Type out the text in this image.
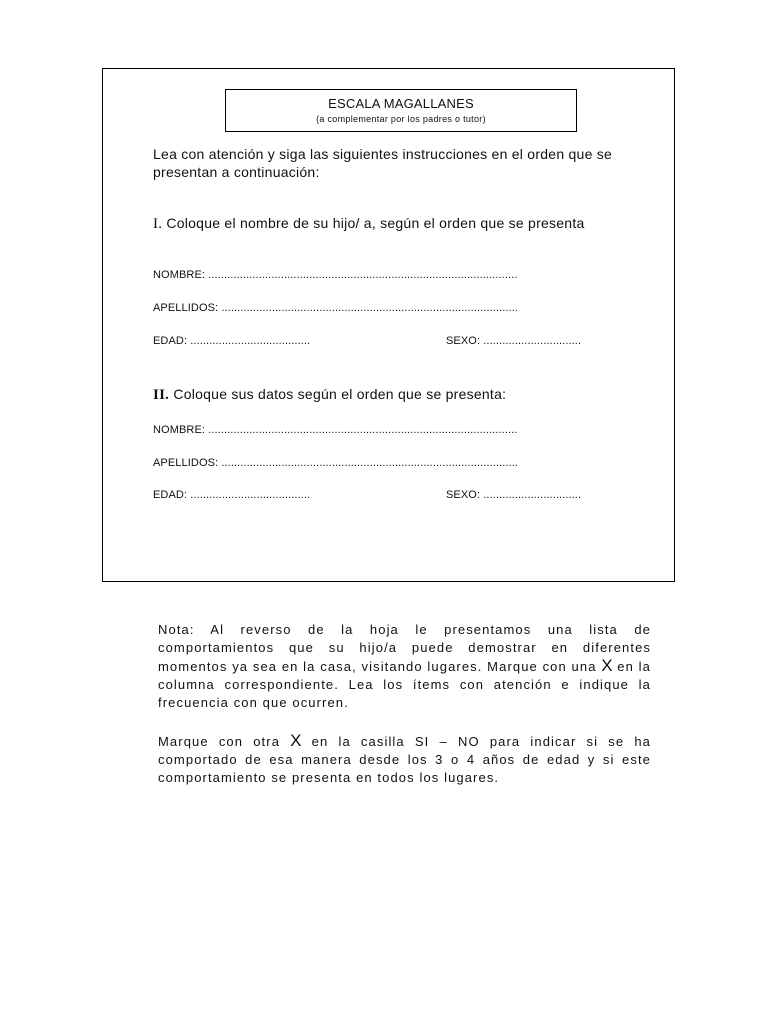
ESCALA MAGALLANES
(a complementar por los padres o tutor)
Lea con atención y siga las siguientes instrucciones en el orden que se presentan a continuación:
I. Coloque el nombre de su hijo/ a, según el orden que se presenta
NOMBRE: ..................................................................................................
APELLIDOS: ..............................................................................................
EDAD: ......................................	SEXO: ...............................
II. Coloque sus datos según el orden que se presenta:
NOMBRE: ..................................................................................................
APELLIDOS: ..............................................................................................
EDAD: ......................................	SEXO: ...............................

Nota: Al reverso de la hoja le presentamos una lista de comportamientos que su hijo/a puede demostrar en diferentes momentos ya sea en la casa, visitando lugares. Marque con una X en la columna correspondiente. Lea los ítems con atención e indique la frecuencia con que ocurren.

Marque con otra X en la casilla SI – NO para indicar si se ha comportado de esa manera desde los 3 o 4 años de edad y si este comportamiento se presenta en todos los lugares.
